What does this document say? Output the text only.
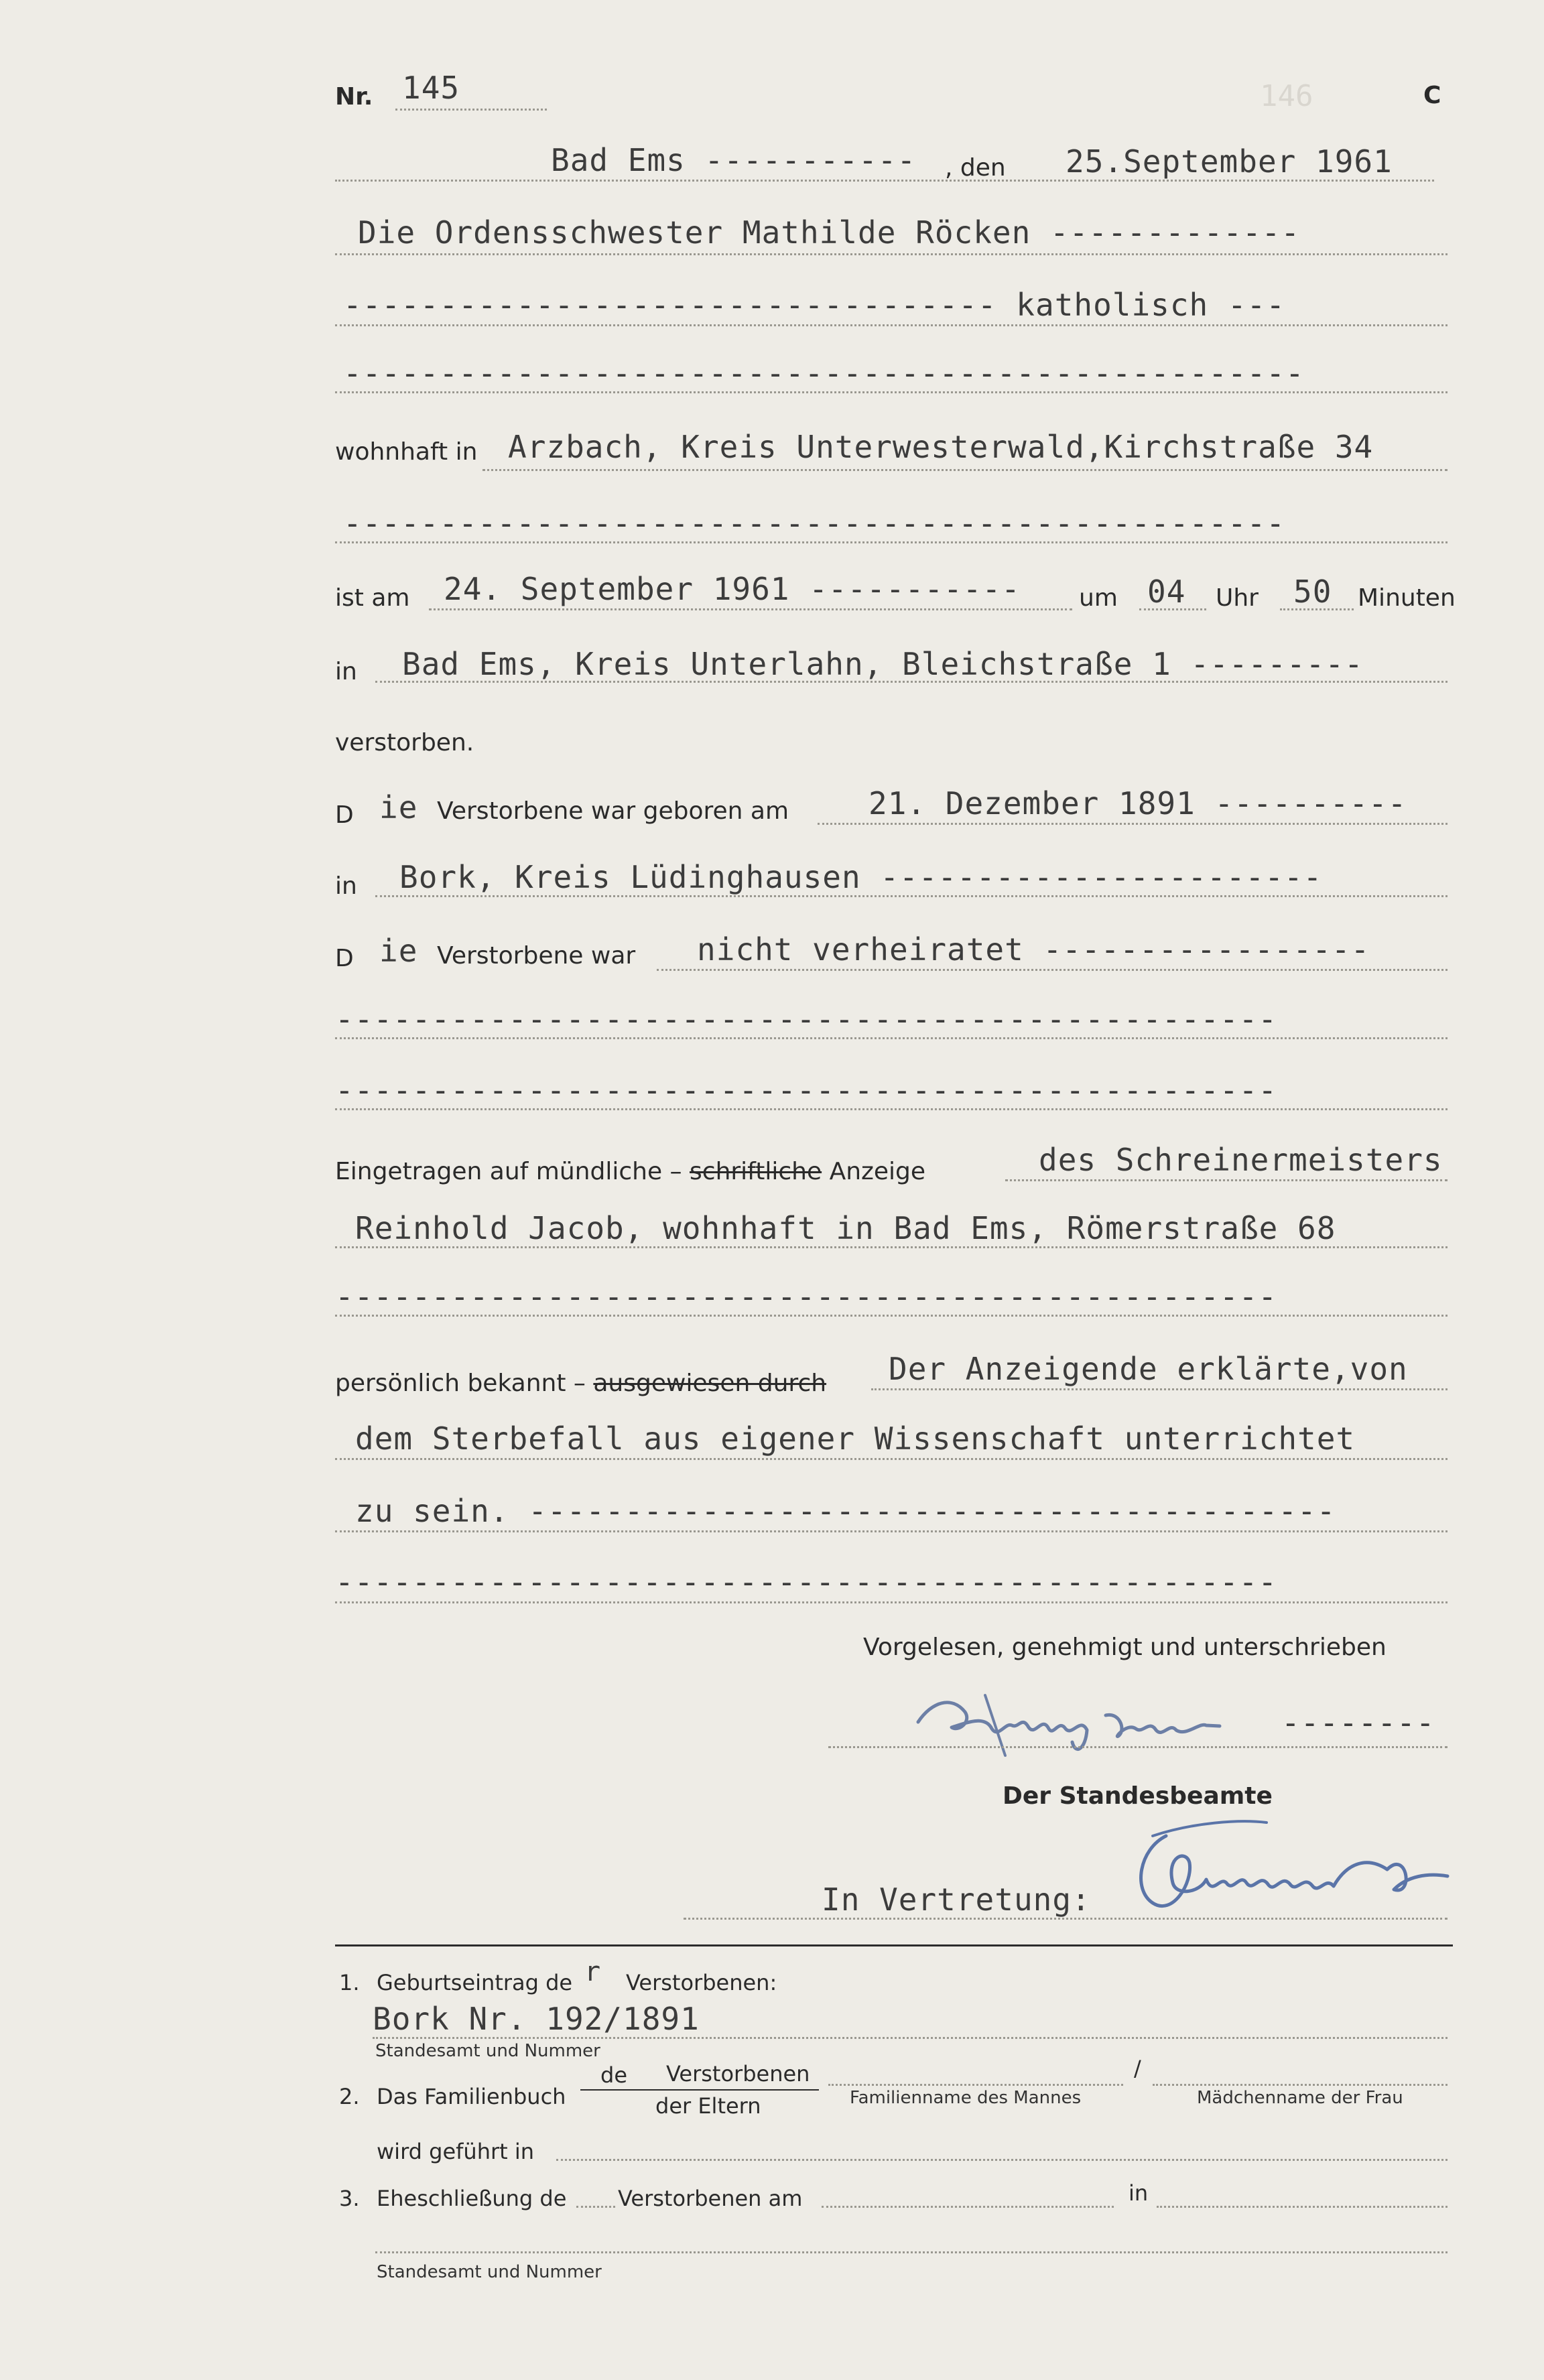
146
Nr. 145	C
Bad Ems ----------- , den 25.September 1961
Die Ordensschwester Mathilde Röcken -------------
---------------------------------- katholisch ---
--------------------------------------------------
wohnhaft in Arzbach, Kreis Unterwesterwald,Kirchstraße 34
-------------------------------------------------
ist am 24. September 1961 ----------- um 04 Uhr 50 Minuten
in Bad Ems, Kreis Unterlahn, Bleichstraße 1 ---------
verstorben.
D ie Verstorbene war geboren am	21. Dezember 1891 ----------
in Bork, Kreis Lüdinghausen -----------------------
D ie Verstorbene war nicht verheiratet -----------------
-------------------------------------------------
-------------------------------------------------
Eingetragen auf mündliche – schriftliche Anzeige	des Schreinermeisters
Reinhold Jacob, wohnhaft in Bad Ems, Römerstraße 68
-------------------------------------------------
persönlich bekannt – ausgewiesen durch Der Anzeigende erklärte,von
dem Sterbefall aus eigener Wissenschaft unterrichtet
zu sein. ------------------------------------------
-------------------------------------------------
Vorgelesen, genehmigt und unterschrieben
--------
Der Standesbeamte
In Vertretung:
1. Geburtseintrag de r Verstorbenen:
Bork Nr. 192/1891
Standesamt und Nummer
2. Das Familienbuch
de Verstorbenen
der Eltern
/
Familienname des Mannes	Mädchenname der Frau
wird geführt in
3. Eheschließung de Verstorbenen am	in
Standesamt und Nummer
